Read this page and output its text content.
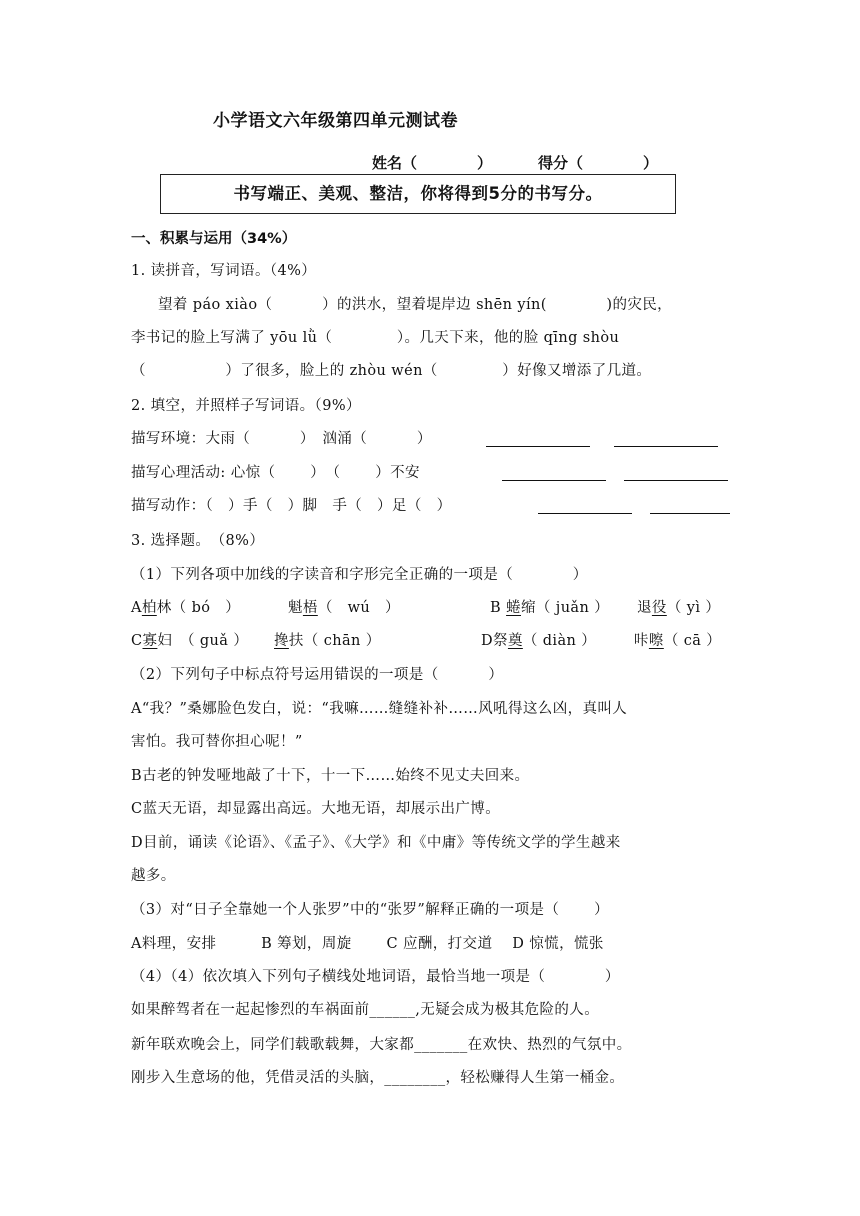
小学语文六年级第四单元测试卷
姓名（　　　　）	得分（　　　　）
书写端正、美观、整洁，你将得到5分的书写分。
一、积累与运用（34%）
1. 读拼音，写词语。（4%）
望着 páo xiào（　　　 ）的洪水，望着堤岸边 shēn yín(　　　　)的灾民，
李书记的脸上写满了 yōu lǜ（　　　　 ）。几天下来，他的脸 qīng shòu
（　　　　　 ）了很多，脸上的 zhòu wén（　　　　 ）好像又增添了几道。
2. 填空，并照样子写词语。（9%）
描写环境：大雨（　　　 ）　汹涌（　　　 ）
描写心理活动: 心惊（　　 ）　（　　 ）不安
描写动作：（　）手（　）脚　手（　）足（　）
3. 选择题。　（8%）
（1）下列各项中加线的字读音和字形完全正确的一项是（　　　　）
A柏林（ bó　）	魁梧（　wú　）	B 蜷缩（ juǎn ） 退役（ yì ）
C寡妇　（ guǎ ） 搀扶（ chān ）	D祭奠（ diàn ）	咔嚓（ cā ）
（2）下列句子中标点符号运用错误的一项是（　　　 ）
A“我？”桑娜脸色发白，说：“我嘛……缝缝补补……风吼得这么凶，真叫人
害怕。我可替你担心呢！”
B古老的钟发哑地敲了十下，十一下……始终不见丈夫回来。
C蓝天无语，却显露出高远。大地无语，却展示出广博。
D目前，诵读《论语》、《孟子》、《大学》和《中庸》等传统文学的学生越来
越多。
（3）对“日子全靠她一个人张罗”中的“张罗”解释正确的一项是（　　 ）
A料理，安排　　　B 筹划，周旋　　 C 应酬，打交道　 D 惊慌，慌张
（4）（4）依次填入下列句子横线处地词语，最恰当地一项是（　　　　）
如果醉驾者在一起起惨烈的车祸面前______,无疑会成为极其危险的人。
新年联欢晚会上，同学们载歌载舞，大家都_______在欢快、热烈的气氛中。
刚步入生意场的他，凭借灵活的头脑，________，轻松赚得人生第一桶金。
